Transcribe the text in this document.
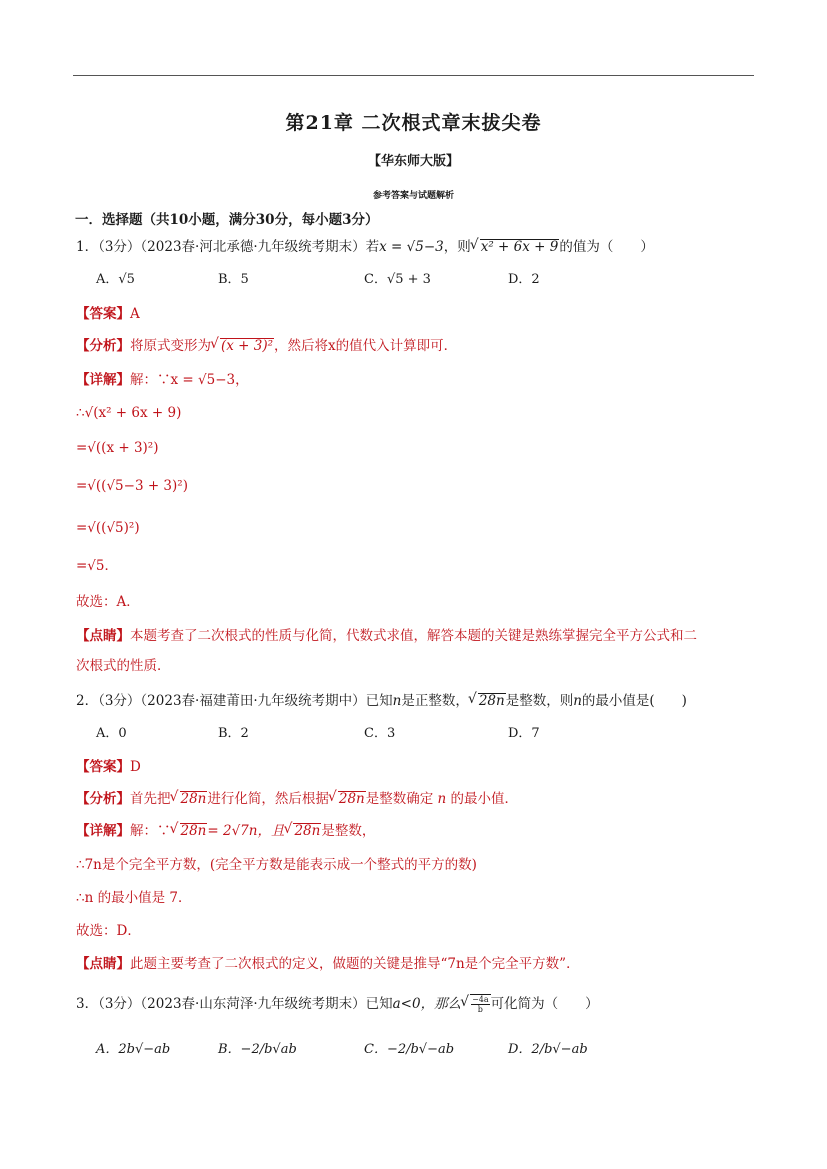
第21章 二次根式章末拔尖卷
【华东师大版】
参考答案与试题解析
一．选择题（共10小题，满分30分，每小题3分）
1．（3分）（2023春·河北承德·九年级统考期末）若x = √5−3，则 √ x² + 6x + 9的值为（　　）
A．√5	B．5	C．√5 + 3	D．2
【答案】A
【分析】将原式变形为 √ (x + 3)²，然后将x的值代入计算即可．
【详解】解：∵x = √5−3，
∴√(x² + 6x + 9)
=√((x + 3)²)
=√((√5−3 + 3)²)
=√((√5)²)
=√5．
故选：A．
【点睛】本题考查了二次根式的性质与化简，代数式求值，解答本题的关键是熟练掌握完全平方公式和二
次根式的性质．
2．（3分）（2023春·福建莆田·九年级统考期中）已知n是正整数， √ 28n是整数，则n的最小值是(　　)
A．0	B．2	C．3	D．7
【答案】D
【分析】首先把 √ 28n进行化简，然后根据 √ 28n是整数确定 n 的最小值．
【详解】解：∵ √ 28n= 2√7n，且 √ 28n是整数，
∴7n是个完全平方数，(完全平方数是能表示成一个整式的平方的数)
∴n 的最小值是 7．
故选：D．
【点睛】此题主要考查了二次根式的定义，做题的关键是推导“7n是个完全平方数”．
3．（3分）（2023春·山东菏泽·九年级统考期末）已知a<0，那么 √ $\frac{-4a}{b}$ 可化简为（　　）
A．2b√−ab	B．−2/b√ab	C．−2/b√−ab	D．2/b√−ab
